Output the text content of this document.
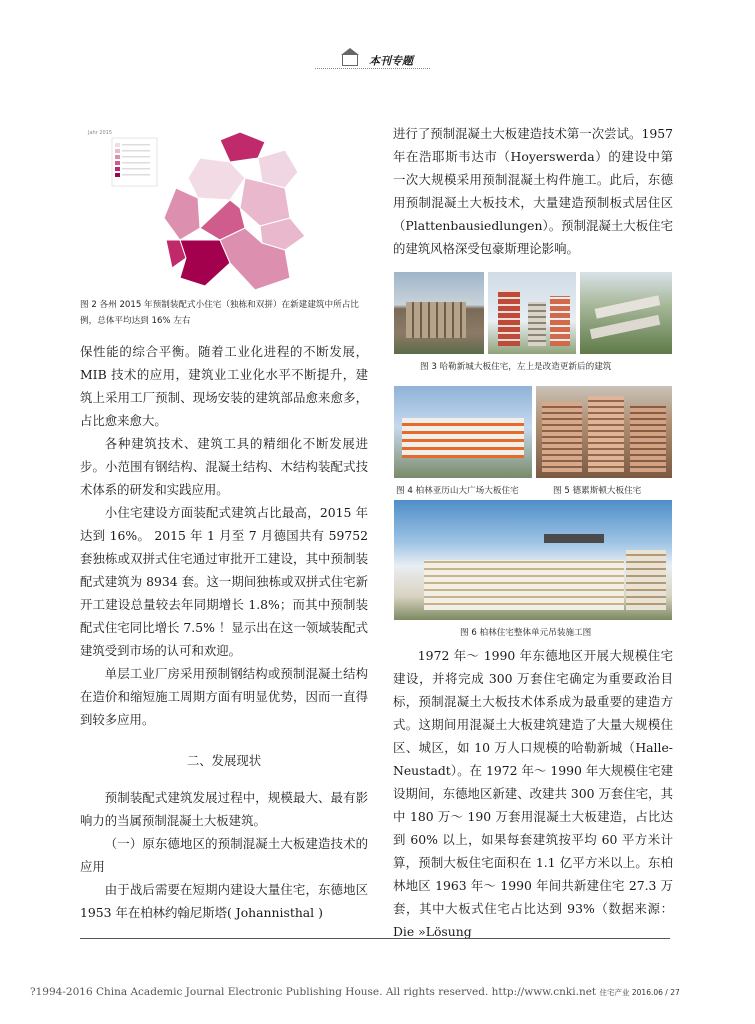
本刊专题
Jahr 2015
图 2 各州 2015 年预制装配式小住宅（独栋和双拼）在新建建筑中所占比例，总体平均达到 16% 左右

保性能的综合平衡。随着工业化进程的不断发展，MIB 技术的应用，建筑业工业化水平不断提升，建筑上采用工厂预制、现场安装的建筑部品愈来愈多，占比愈来愈大。

各种建筑技术、建筑工具的精细化不断发展进步。小范围有钢结构、混凝土结构、木结构装配式技术体系的研发和实践应用。

小住宅建设方面装配式建筑占比最高，2015 年达到 16%。 2015 年 1 月至 7 月德国共有 59752 套独栋或双拼式住宅通过审批开工建设，其中预制装配式建筑为 8934 套。这一期间独栋或双拼式住宅新开工建设总量较去年同期增长 1.8%；而其中预制装配式住宅同比增长 7.5% ！显示出在这一领域装配式建筑受到市场的认可和欢迎。

单层工业厂房采用预制钢结构或预制混凝土结构在造价和缩短施工周期方面有明显优势，因而一直得到较多应用。

二、发展现状

预制装配式建筑发展过程中，规模最大、最有影响力的当属预制混凝土大板建筑。

（一）原东德地区的预制混凝土大板建造技术的应用

由于战后需要在短期内建设大量住宅，东德地区 1953 年在柏林约翰尼斯塔( Johannisthal )

进行了预制混凝土大板建造技术第一次尝试。1957 年在浩耶斯韦达市（Hoyerswerda）的建设中第一次大规模采用预制混凝土构件施工。此后，东德用预制混凝土大板技术，大量建造预制板式居住区（Plattenbausiedlungen）。预制混凝土大板住宅的建筑风格深受包豪斯理论影响。

图 3 哈勒新城大板住宅，左上是改造更新后的建筑
图 4 柏林亚历山大广场大板住宅	图 5 德累斯顿大板住宅
图 6 柏林住宅整体单元吊装施工图

1972 年～ 1990 年东德地区开展大规模住宅建设，并将完成 300 万套住宅确定为重要政治目标，预制混凝土大板技术体系成为最重要的建造方式。这期间用混凝土大板建筑建造了大量大规模住区、城区，如 10 万人口规模的哈勒新城（Halle-Neustadt）。在 1972 年～ 1990 年大规模住宅建设期间，东德地区新建、改建共 300 万套住宅，其中 180 万～ 190 万套用混凝土大板建造，占比达到 60% 以上，如果每套建筑按平均 60 平方米计算，预制大板住宅面积在 1.1 亿平方米以上。东柏林地区 1963 年～ 1990 年间共新建住宅 27.3 万套，其中大板式住宅占比达到 93%（数据来源：Die »Lösung

?1994-2016 China Academic Journal Electronic Publishing House. All rights reserved. http://www.cnki.net 住宅产业 2016.06 / 27
